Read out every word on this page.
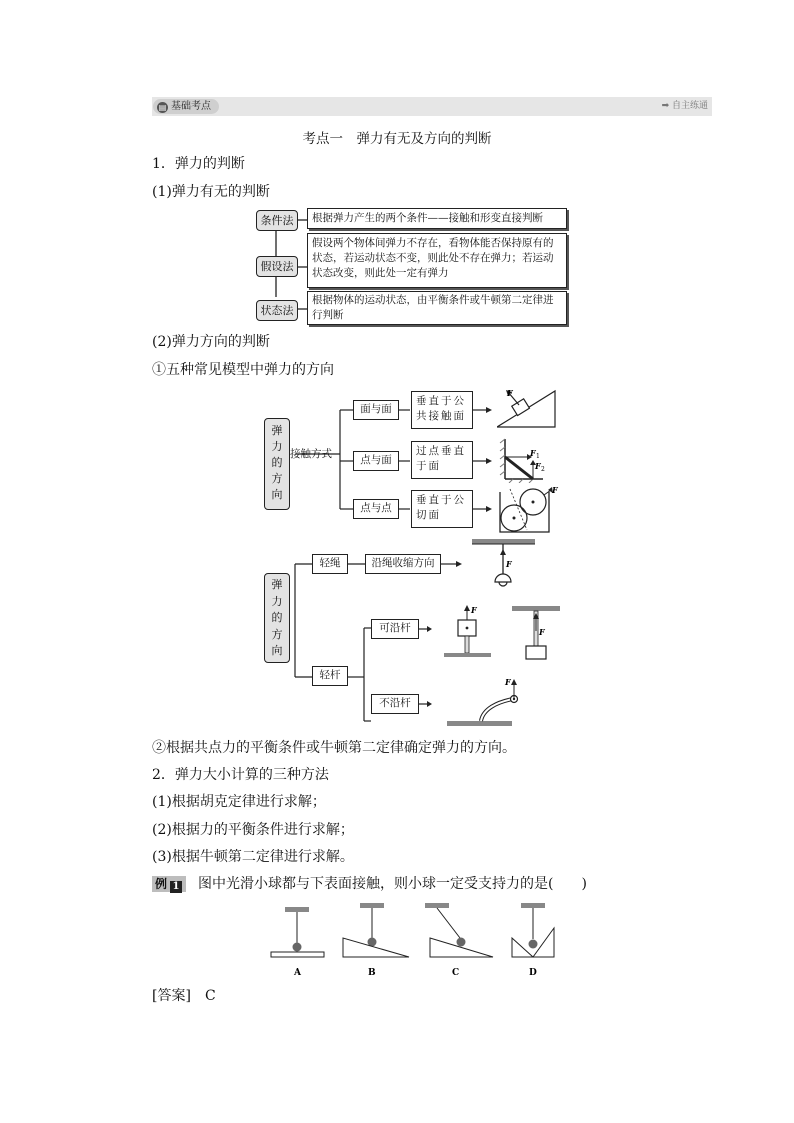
▤ 基础考点	➡ 自主练通
考点一　弹力有无及方向的判断
1．弹力的判断
(1)弹力有无的判断
条件法	根据弹力产生的两个条件——接触和形变直接判断
假设法
假设两个物体间弹力不存在，看物体能否保持原有的状态，若运动状态不变，则此处不存在弹力；若运动状态改变，则此处一定有弹力
状态法
根据物体的运动状态，由平衡条件或牛顿第二定律进行判断
(2)弹力方向的判断
①五种常见模型中弹力的方向
弹
力
的
方
向
接触方式
面与面
点与面
点与点
垂直于公共接触面
过点垂直于面
垂直于公切面
F
F 1
F 2
F
弹
力
的
方
向
轻绳	沿绳收缩方向
轻杆
可沿杆
不沿杆
F
F
F
F
②根据共点力的平衡条件或牛顿第二定律确定弹力的方向。
2．弹力大小计算的三种方法
(1)根据胡克定律进行求解；
(2)根据力的平衡条件进行求解；
(3)根据牛顿第二定律进行求解。
例 1	图中光滑小球都与下表面接触，则小球一定受支持力的是(　　)
A	B	C	D
[答案]　 C
